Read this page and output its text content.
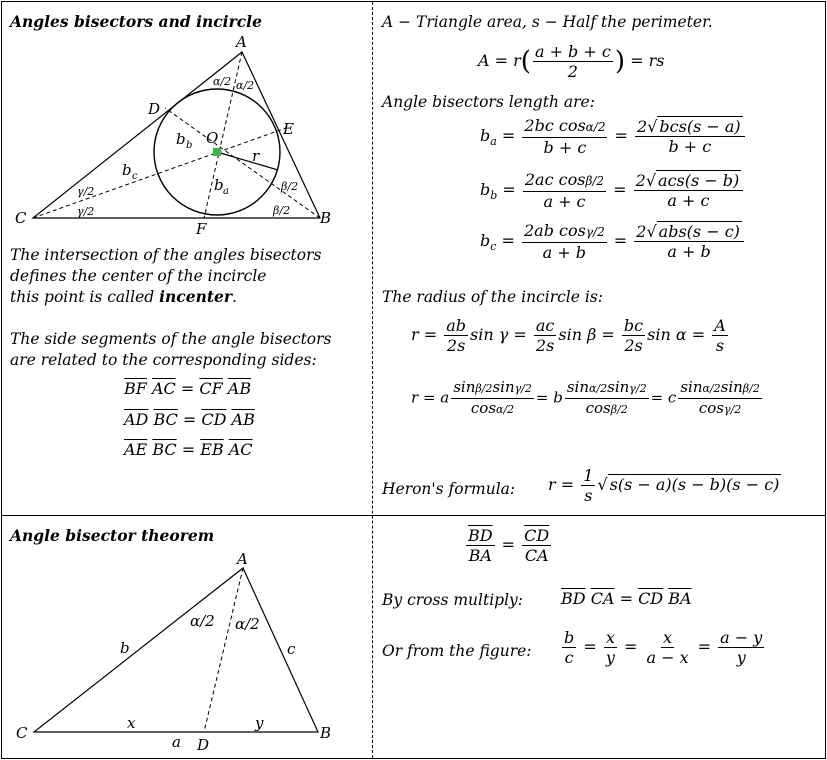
Angles bisectors and incircle
A
B
C
D
E
F
O
r
b a
b b
b c
α/2 α/2
β/2
β/2
γ/2
γ/2
The intersection of the angles bisectors
defines the center of the incircle
this point is called incenter.
The side segments of the angle bisectors
are related to the corresponding sides:
$\overline{BF}$ $\overline{AC} = \overline{CF}$ $\overline{AB}$
$\overline{AD}$ $\overline{BC} = \overline{CD}$ $\overline{AB}$
$\overline{AE}$ $\overline{BC} = \overline{EB}$ $\overline{AC}$
A − Triangle area, s − Half the perimeter.
$A = r( \frac{a + b + c}{2}$ ) = rs
Angle bisectors length are:
$b_a = \frac{\text{2bc cosα/2}}{b + c} = 2√$ bcs(s − a)
b + c
$b_b = \frac{\text{2ac cosβ/2}}{a + c} = 2√$ acs(s − b)
a + c
$b_c = \frac{\text{2ab cosγ/2}}{a + b} = 2√$ abs(s − c)
a + b
The radius of the incircle is:
$r = \frac{ab}{2s}$ $\sin \gamma = \frac{ac}{2s}$ $\sin \beta = \frac{bc}{2s}$ $\sin \alpha = \frac{A}{s}$
r = a $\frac{\sin\beta/2\sin\gamma/2}{\cos\alpha/2} = b \frac{\sin\alpha/2\sin\gamma/2}{\cos\beta/2} = c \frac{\sin\alpha/2\sin\beta/2}{\cos\gamma/2}$
Heron's formula: $r = \frac{1}{s}$ √ s(s − a)(s − b)(s − c)
Angle bisector theorem
A
B
C
D
b	c
x	y
a
α/2 α/2
$\frac{\overline{BD}}{BA} = \frac{\overline{CD}}{CA}$
By cross multiply: $\overline{BD}$ $\overline{CA} = \overline{CD}$ $\overline{BA}$
Or from the figure: $\frac{b}{c} = \frac{x}{y} = \frac{x}{a - x} = \frac{a - y}{y}$
